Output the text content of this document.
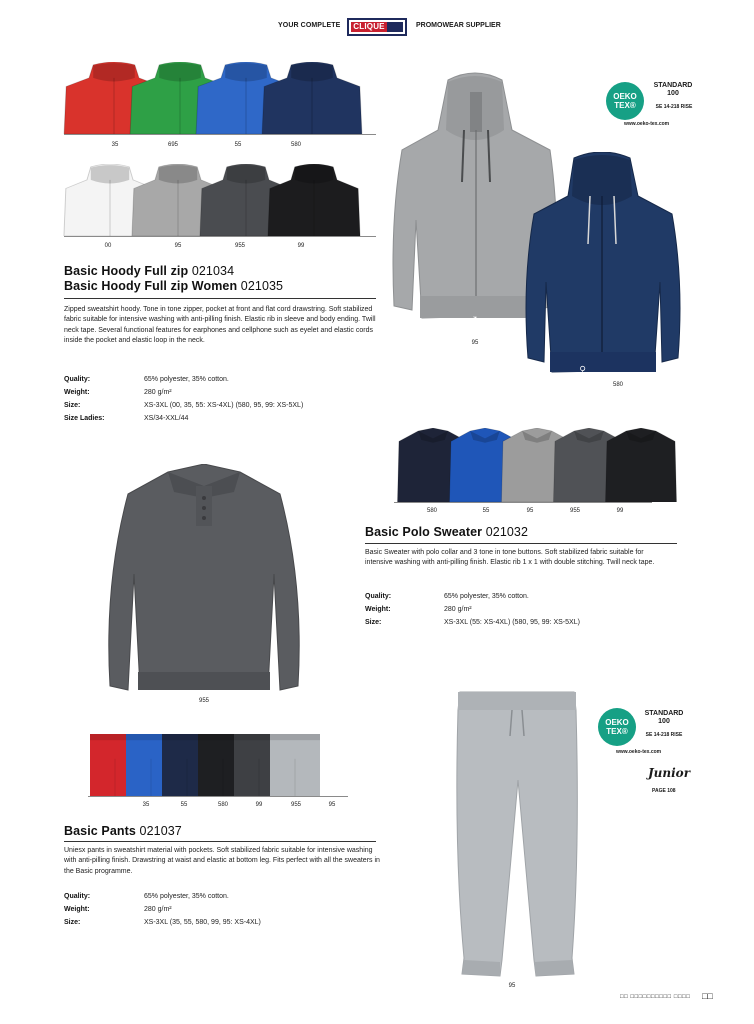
YOUR COMPLETE CLIQUE	PROMOWEAR SUPPLIER
35	695	55	580
00	95	955	99
Basic Hoody Full zip 021034
Basic Hoody Full zip Women 021035
Zipped sweatshirt hoody. Tone in tone zipper, pocket at front and flat cord drawstring. Soft stabilized fabric suitable for intensive washing with anti-pilling finish. Elastic rib in sleeve and body ending. Twill neck tape. Several functional features for earphones and cellphone such as eyelet and elastic cords inside the pocket and elastic loop in the neck.
Quality:	65% polyester, 35% cotton.
Weight:	280 g/m²
Size:	XS-3XL (00, 35, 55: XS-4XL) (580, 95, 99: XS-5XL)
Size Ladies:	XS/34-XXL/44
♂
95
♀
580
OEKO TEX®
STANDARD 100
SE 14-218 RISE
www.oeko-tex.com
580	55	95	955	99
955
Basic Polo Sweater 021032
Basic Sweater with polo collar and 3 tone in tone buttons. Soft stabilized fabric suitable for intensive washing with anti-pilling finish. Elastic rib 1 x 1 with double stitching. Twill neck tape.
Quality:	65% polyester, 35% cotton.
Weight:	280 g/m²
Size:	XS-3XL (55: XS-4XL) (580, 95, 99: XS-5XL)
35	55	580	99	955	95
Basic Pants 021037
Uniesx pants in sweatshirt material with pockets. Soft stabilized fabric suitable for intensive washing with anti-pilling finish. Drawstring at waist and elastic at bottom leg. Fits perfect with all the sweaters in the Basic programme.
Quality:	65% polyester, 35% cotton.
Weight:	280 g/m²
Size:	XS-3XL (35, 55, 580, 99, 95: XS-4XL)
95
OEKO TEX®
STANDARD 100
SE 14-218 RISE
www.oeko-tex.com
Junior
PAGE 108
□□ □□□□□□□□□□ □□□□ □□
